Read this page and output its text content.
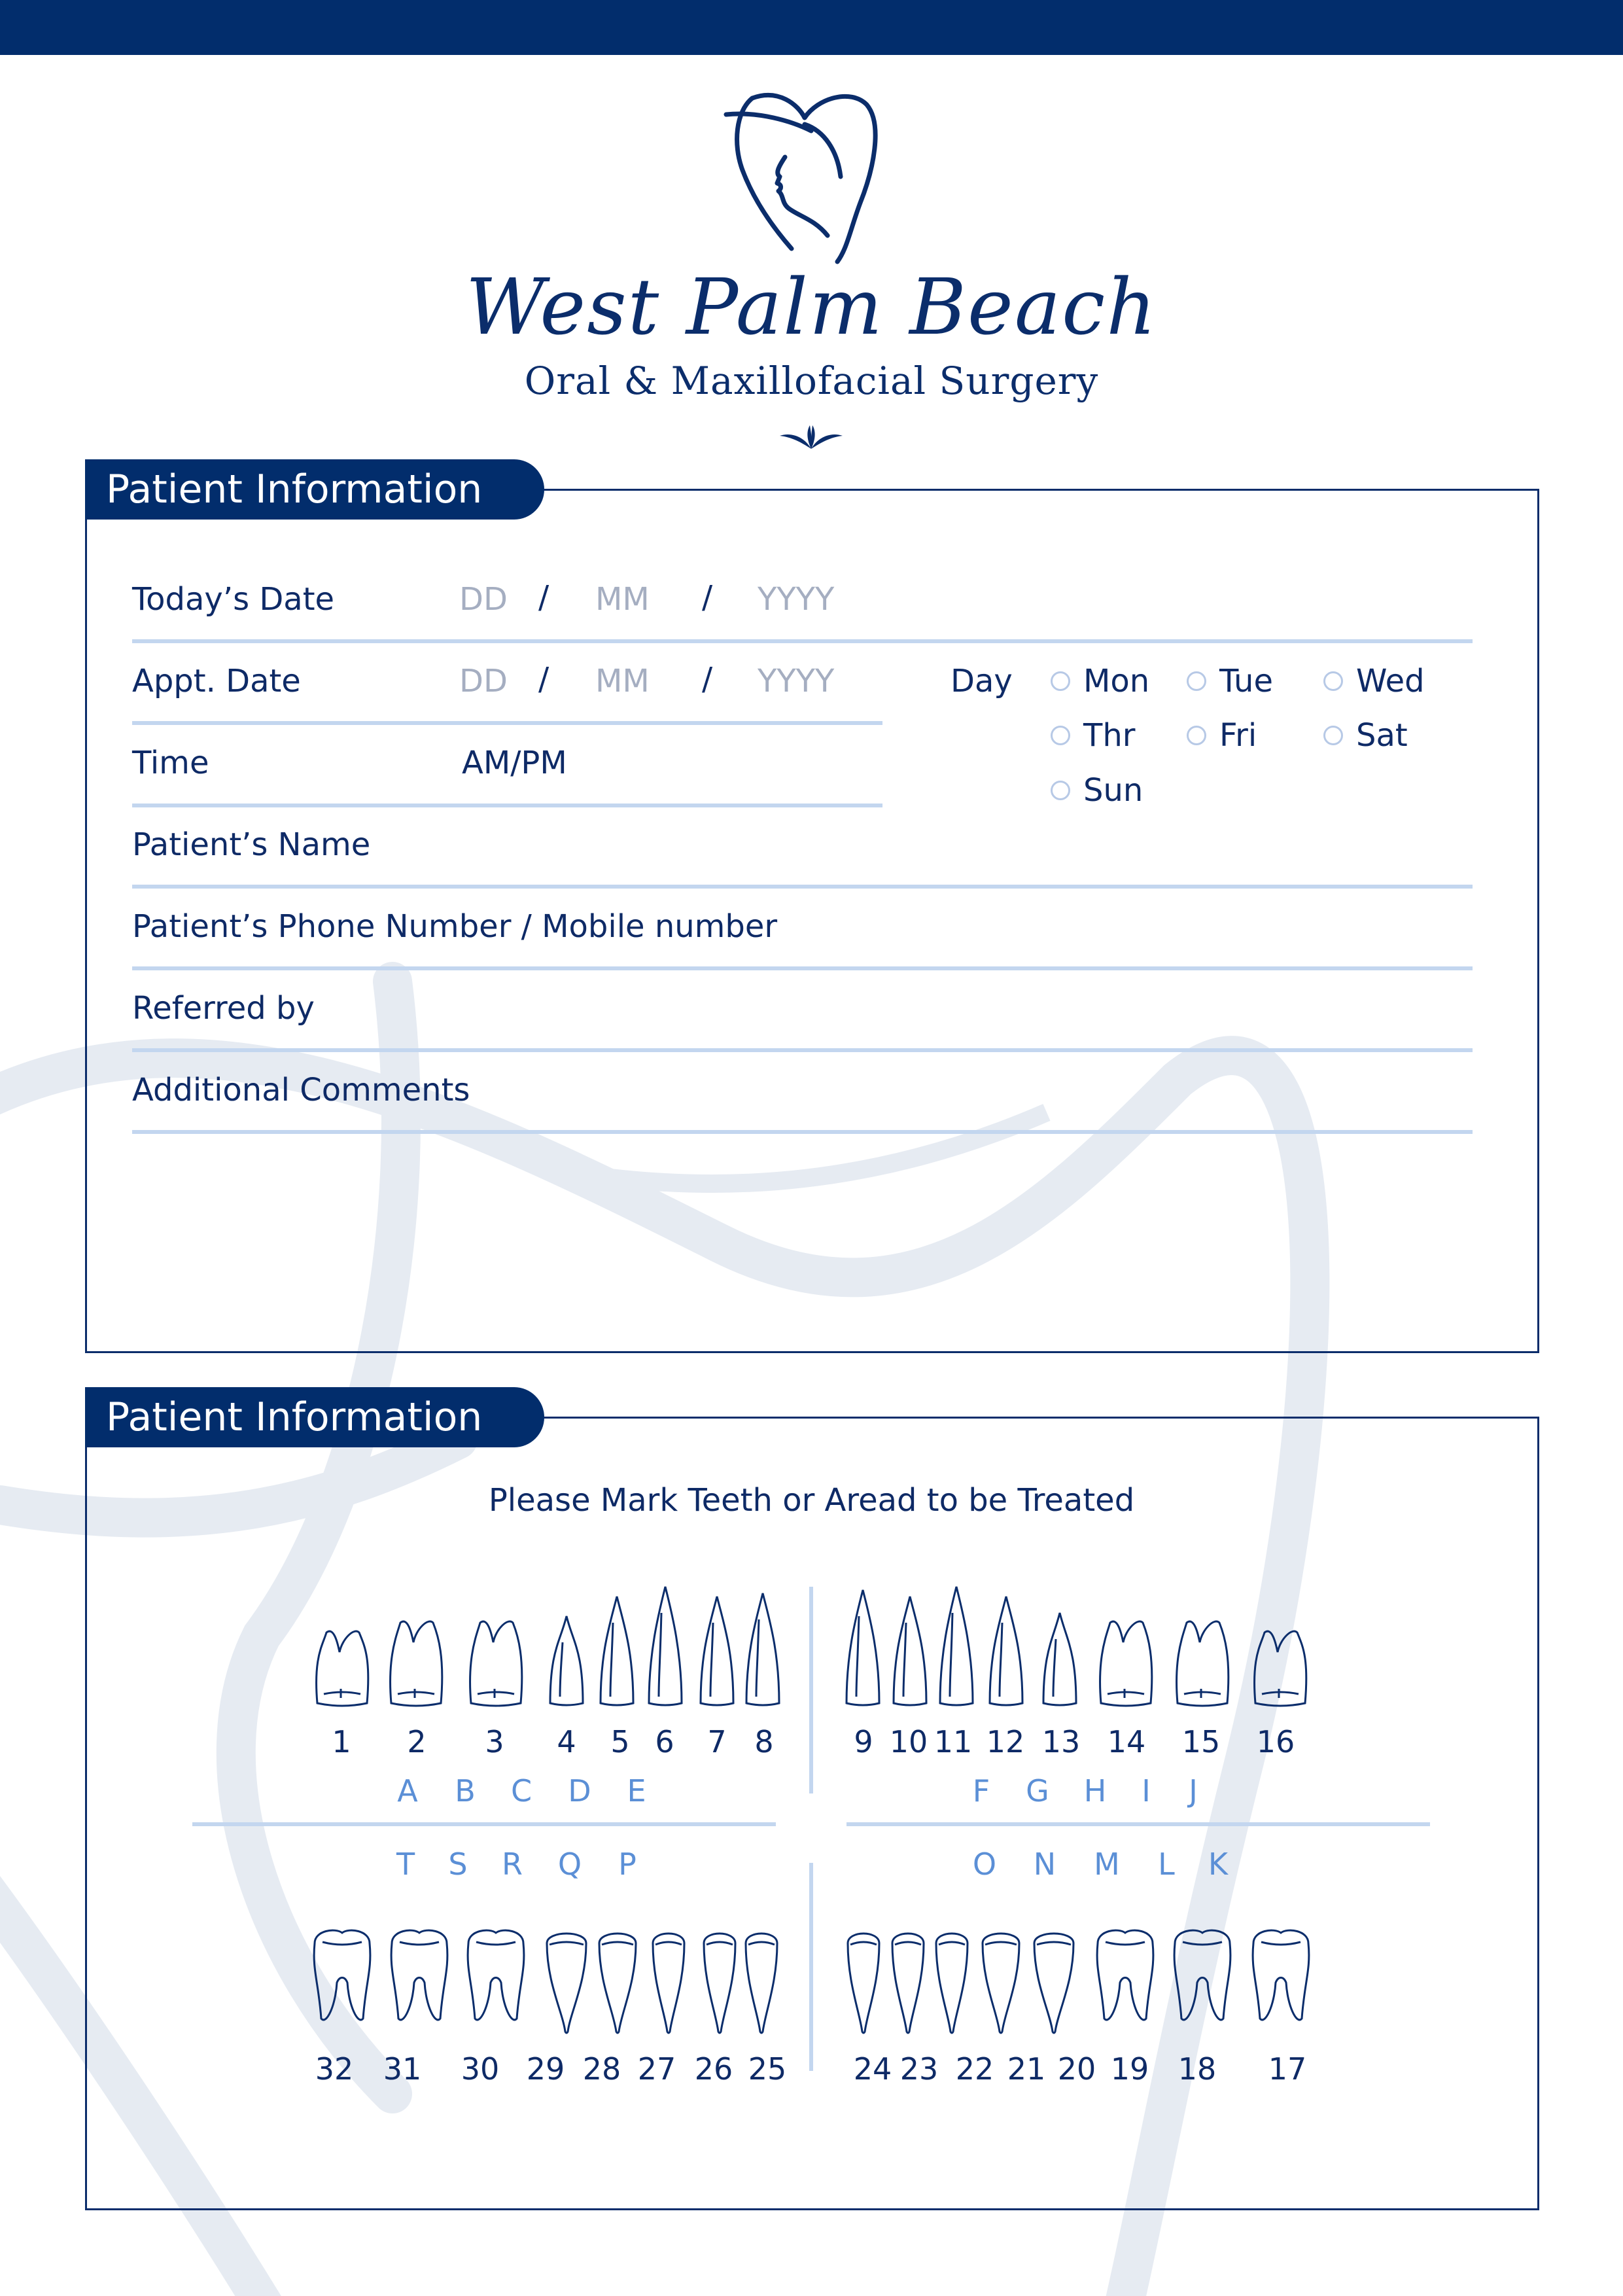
West Palm Beach
Oral & Maxillofacial Surgery
Patient Information
Today’s Date	DD / MM / YYYY
Appt. Date	DD / MM / YYYY	Day Mon Tue	Wed
Thr	Fri	Sat
Sun
Time	AM/PM
Patient’s Name
Patient’s Phone Number / Mobile number
Referred by
Additional Comments
Patient Information
Please Mark Teeth or Aread to be Treated
1	2	3	4	5 6	7 8	9 10 11 12 13 14 15 16
32 31 30 29 28 27 26 25 24 23 22 21 20 19 18 17
A	B	C	D	E	F	G H	I	J
T	S	R	Q	P	O N M	L	K
